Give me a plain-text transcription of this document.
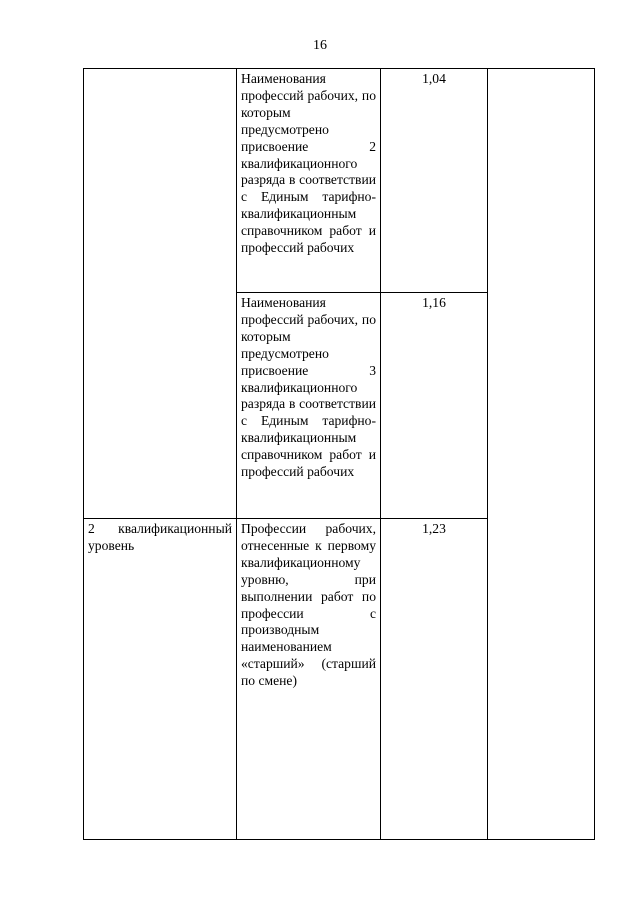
16
	Наименования профессий рабочих, по которым предусмотрено присвоение 2 квалификационного разряда в соответствии с Единым тарифно-квалификационным справочником работ и профессий рабочих	1,04	
	Наименования профессий рабочих, по которым предусмотрено присвоение 3 квалификационного разряда в соответствии с Единым тарифно-квалификационным справочником работ и профессий рабочих	1,16	
2 квалификационный уровень	Профессии рабочих, отнесенные к первому квалификационному уровню, при выполнении работ по профессии с производным наименованием «старший» (старший по смене)	1,23	
